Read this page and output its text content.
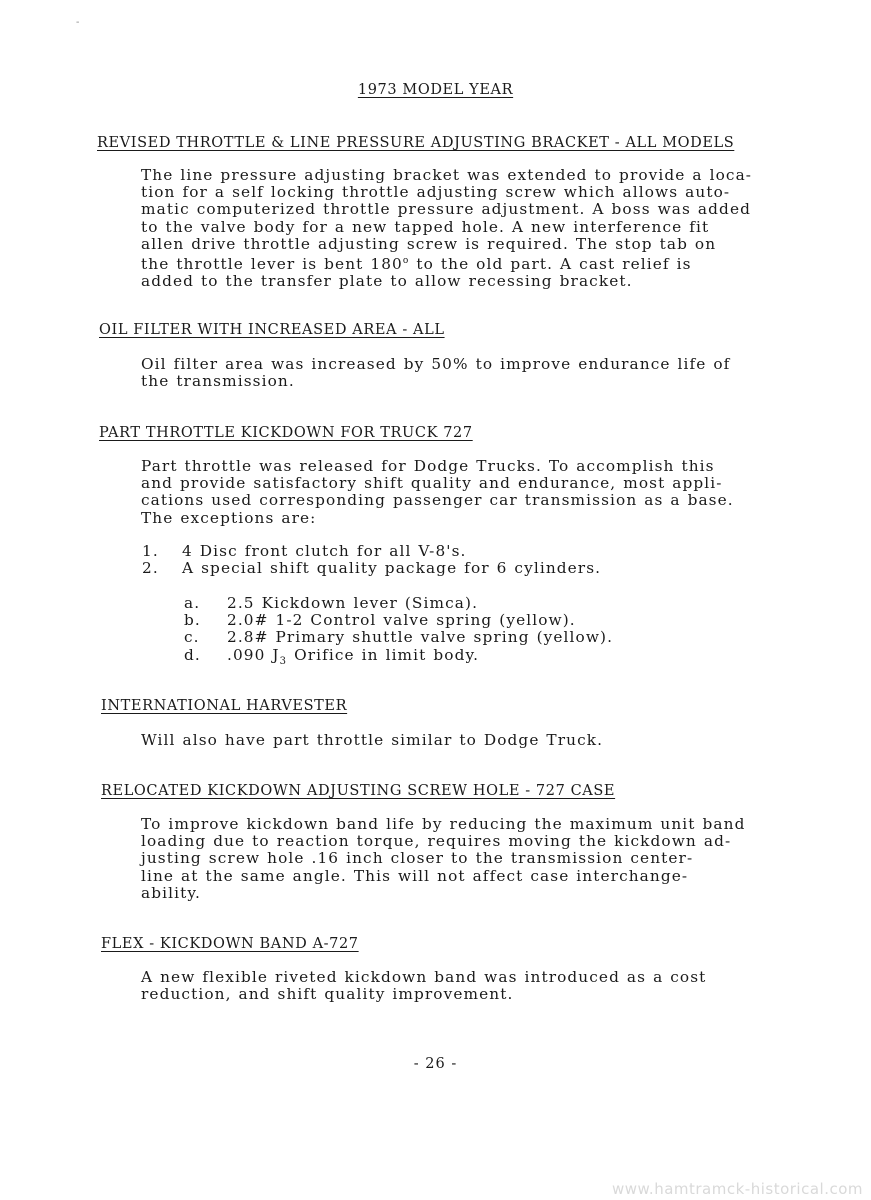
-
1973 MODEL YEAR
REVISED THROTTLE & LINE PRESSURE ADJUSTING BRACKET - ALL MODELS
The line pressure adjusting bracket was extended to provide a loca-
tion for a self locking throttle adjusting screw which allows auto-
matic computerized throttle pressure adjustment. A boss was added
to the valve body for a new tapped hole. A new interference fit
allen drive throttle adjusting screw is required. The stop tab on
the throttle lever is bent 180$^o$ to the old part. A cast relief is
added to the transfer plate to allow recessing bracket.
OIL FILTER WITH INCREASED AREA - ALL
Oil filter area was increased by 50% to improve endurance life of
the transmission.
PART THROTTLE KICKDOWN FOR TRUCK 727
Part throttle was released for Dodge Trucks. To accomplish this
and provide satisfactory shift quality and endurance, most appli-
cations used corresponding passenger car transmission as a base.
The exceptions are:
1. 4 Disc front clutch for all V-8's.
2. A special shift quality package for 6 cylinders.
a. 2.5 Kickdown lever (Simca).
b. 2.0# 1-2 Control valve spring (yellow).
c. 2.8# Primary shuttle valve spring (yellow).
d. .090 $J_3$ Orifice in limit body.
INTERNATIONAL HARVESTER
Will also have part throttle similar to Dodge Truck.
RELOCATED KICKDOWN ADJUSTING SCREW HOLE - 727 CASE
To improve kickdown band life by reducing the maximum unit band
loading due to reaction torque, requires moving the kickdown ad-
justing screw hole .16 inch closer to the transmission center-
line at the same angle. This will not affect case interchange-
ability.
FLEX - KICKDOWN BAND A-727
A new flexible riveted kickdown band was introduced as a cost
reduction, and shift quality improvement.
- 26 -
www.hamtramck-historical.com
